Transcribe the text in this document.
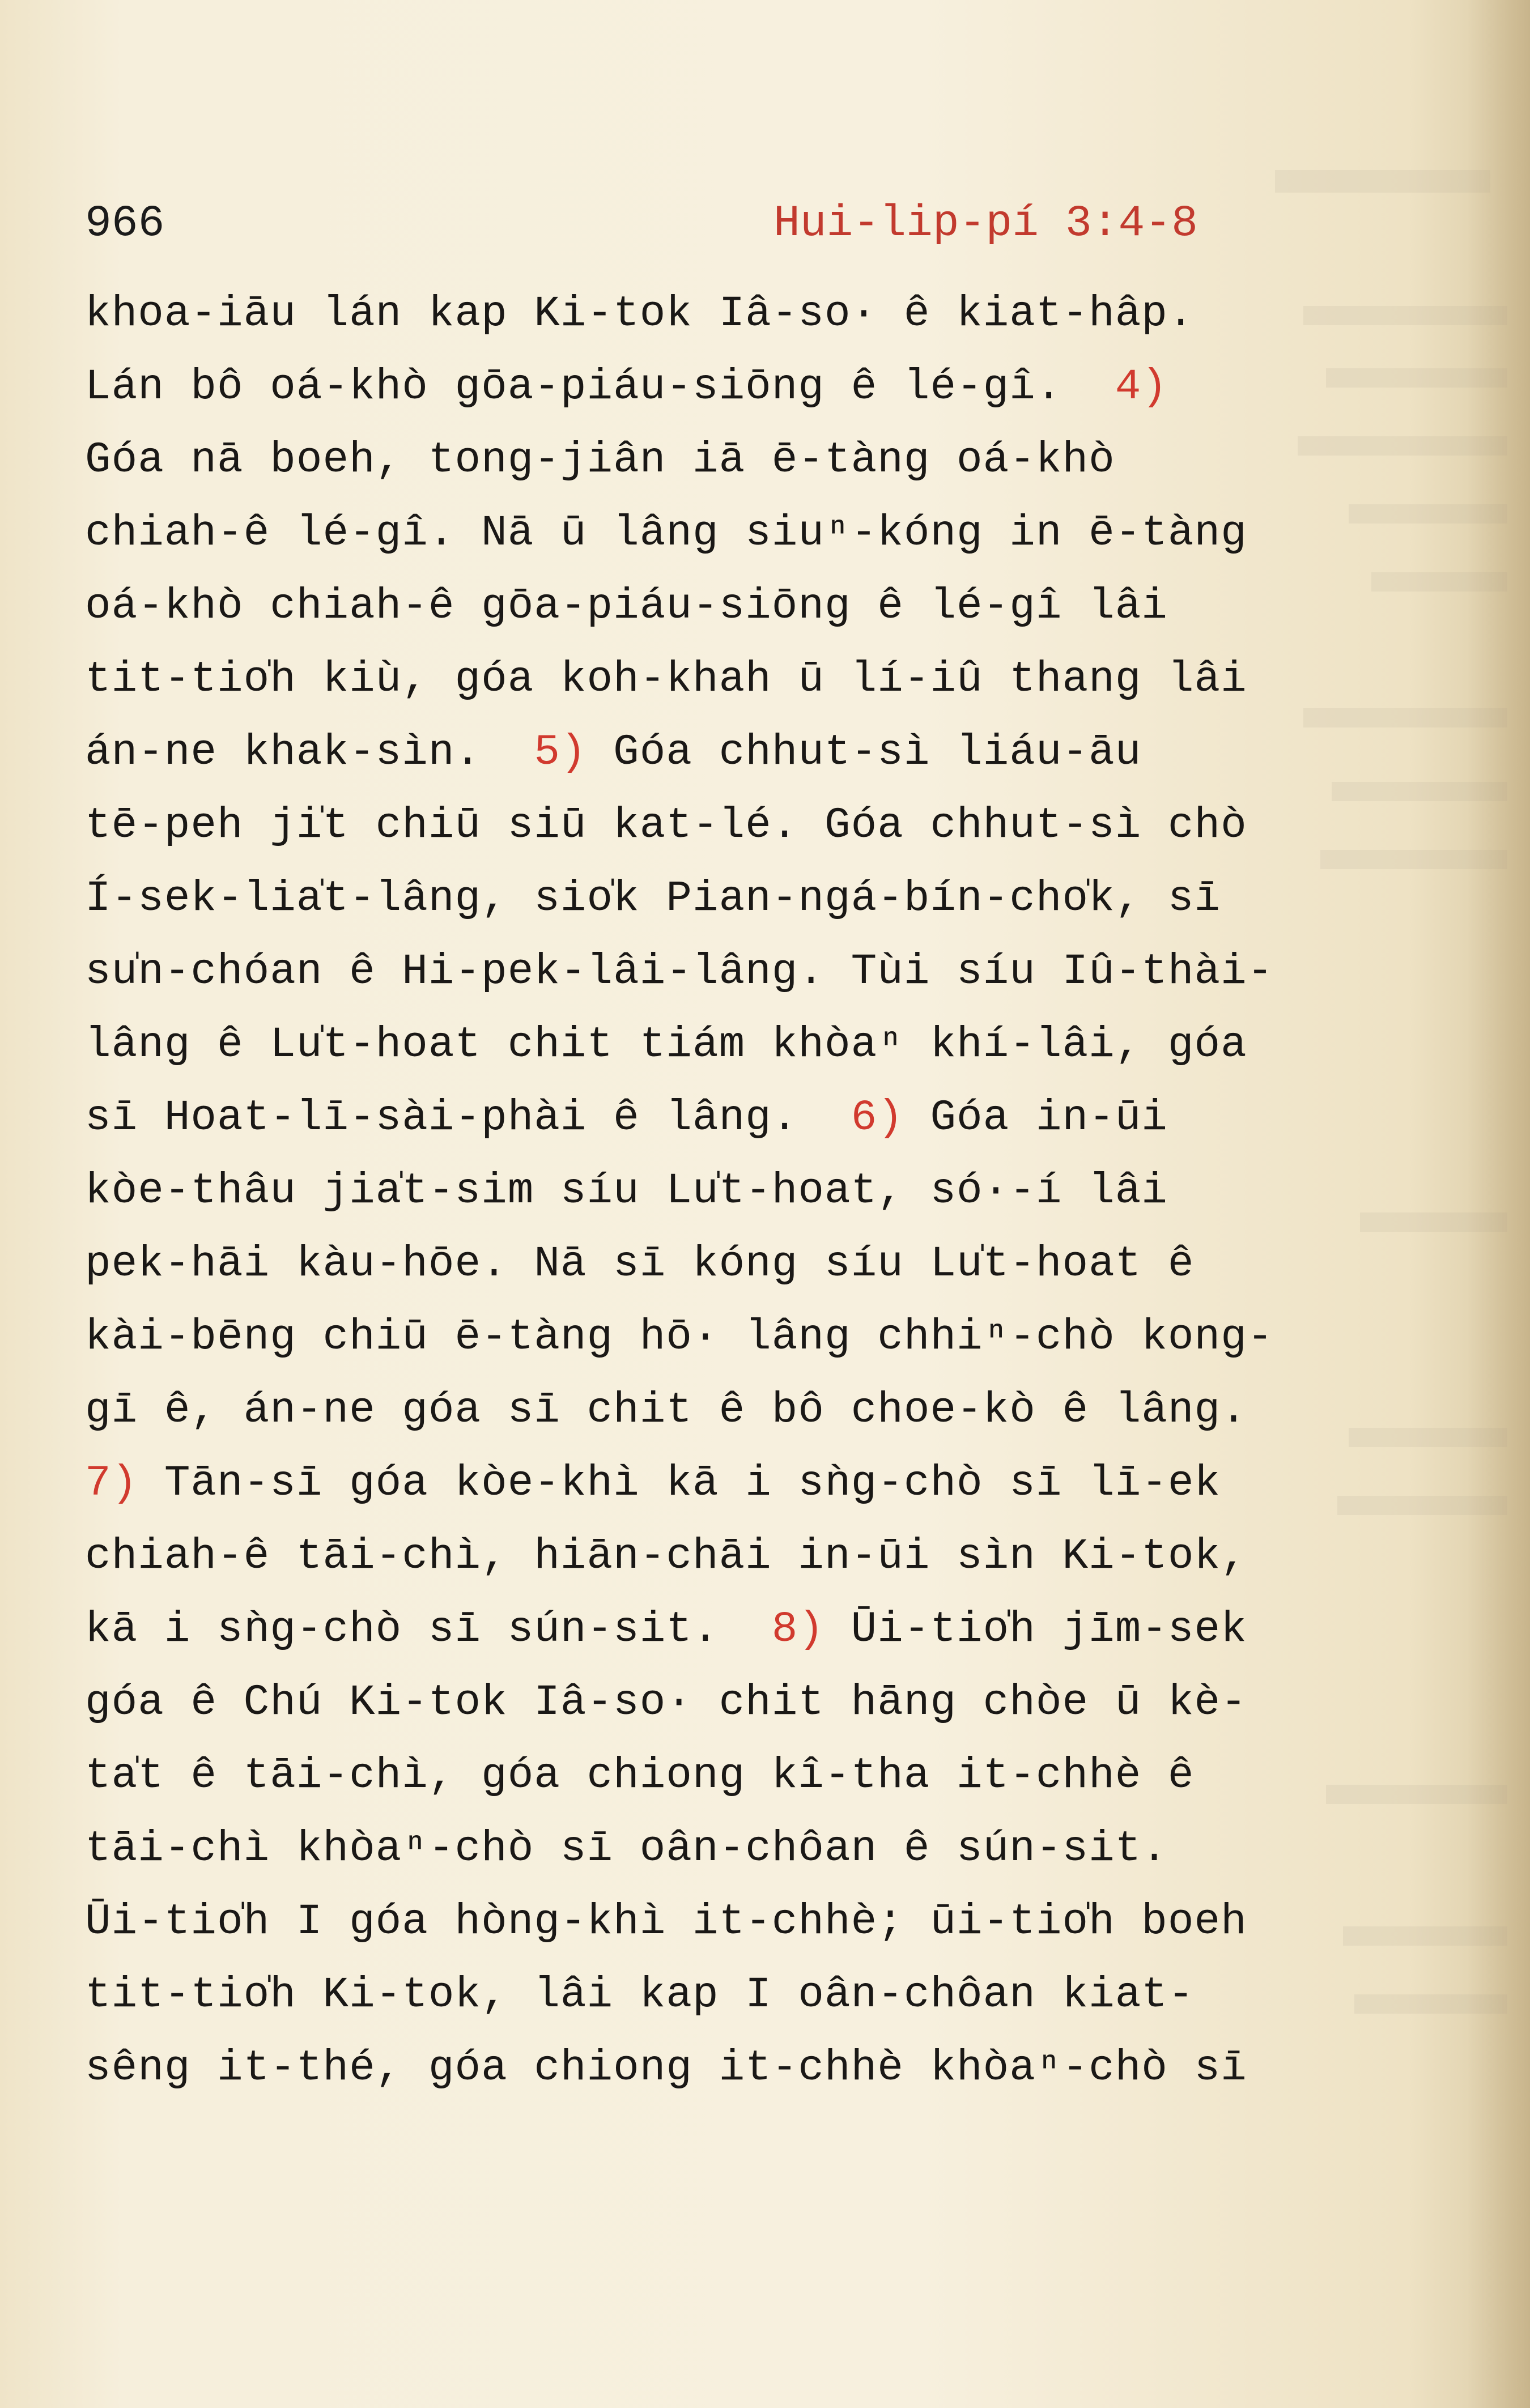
966	Hui-lip-pí 3:4-8
khoa-iāu lán kap Ki-tok Iâ-so· ê kiat-hâp.
Lán bô oá-khò gōa-piáu-siōng ê lé-gî.  4)
Góa nā boeh, tong-jiân iā ē-tàng oá-khò
chiah-ê lé-gî. Nā ū lâng siuⁿ-kóng in ē-tàng
oá-khò chiah-ê gōa-piáu-siōng ê lé-gî lâi
tit-tio̍h kiù, góa koh-khah ū lí-iû thang lâi
án-ne khak-sìn.  5) Góa chhut-sì liáu-āu
tē-peh ji̍t chiū siū kat-lé. Góa chhut-sì chò
Í-sek-lia̍t-lâng, sio̍k Pian-ngá-bín-cho̍k, sī
su̍n-chóan ê Hi-pek-lâi-lâng. Tùi síu Iû-thài-
lâng ê Lu̍t-hoat chit tiám khòaⁿ khí-lâi, góa
sī Hoat-lī-sài-phài ê lâng.  6) Góa in-ūi
kòe-thâu jia̍t-sim síu Lu̍t-hoat, só·-í lâi
pek-hāi kàu-hōe. Nā sī kóng síu Lu̍t-hoat ê
kài-bēng chiū ē-tàng hō· lâng chhiⁿ-chò kong-
gī ê, án-ne góa sī chit ê bô choe-kò ê lâng.
7) Tān-sī góa kòe-khì kā i sǹg-chò sī lī-ek
chiah-ê tāi-chì, hiān-chāi in-ūi sìn Ki-tok,
kā i sǹg-chò sī sún-sit.  8) Ūi-tio̍h jīm-sek
góa ê Chú Ki-tok Iâ-so· chit hāng chòe ū kè-
ta̍t ê tāi-chì, góa chiong kî-tha it-chhè ê
tāi-chì khòaⁿ-chò sī oân-chôan ê sún-sit.
Ūi-tio̍h I góa hòng-khì it-chhè; ūi-tio̍h boeh
tit-tio̍h Ki-tok, lâi kap I oân-chôan kiat-
sêng it-thé, góa chiong it-chhè khòaⁿ-chò sī
